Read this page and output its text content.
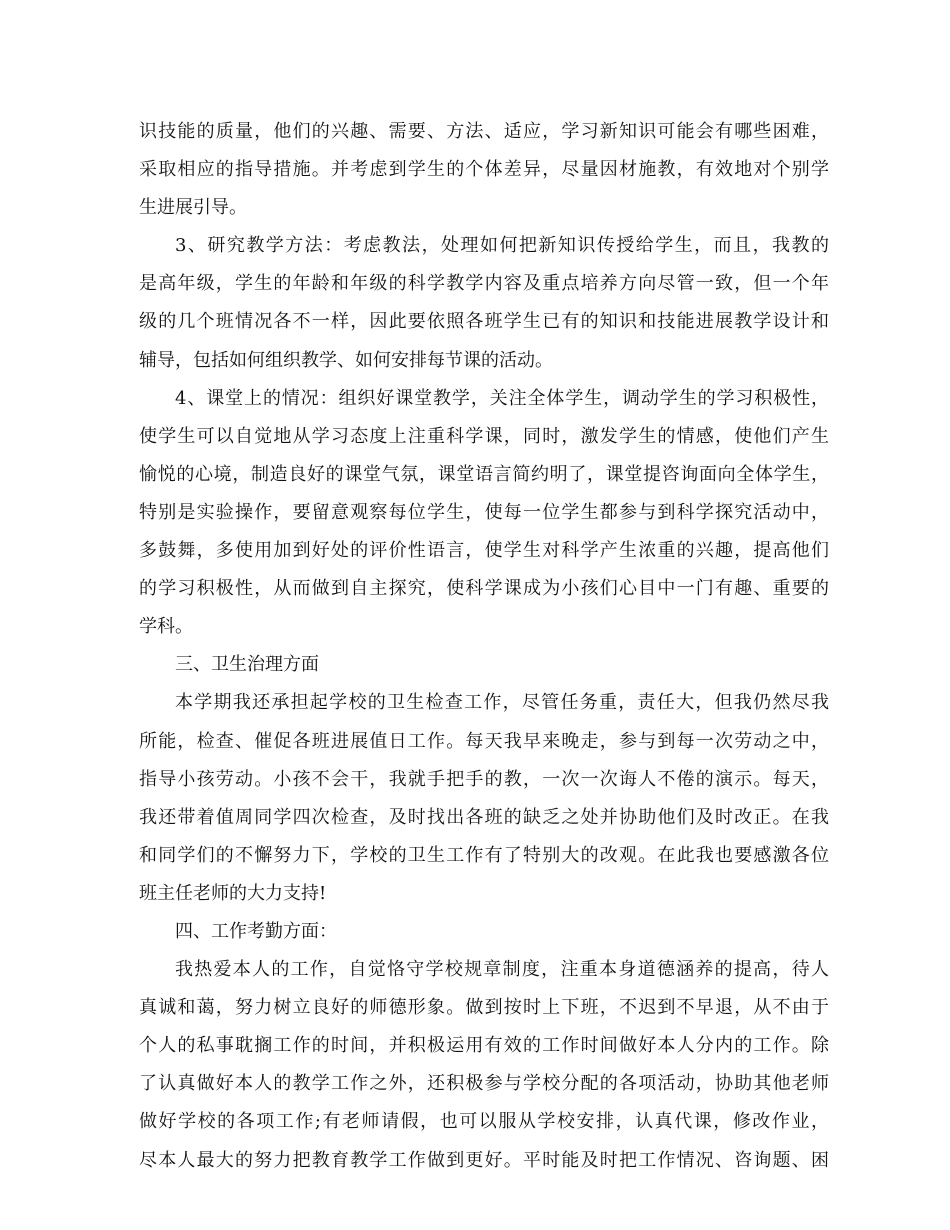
识技能的质量，他们的兴趣、需要、方法、适应，学习新知识可能会有哪些困难，
采取相应的指导措施。并考虑到学生的个体差异，尽量因材施教，有效地对个别学
生进展引导。
3、研究教学方法：考虑教法，处理如何把新知识传授给学生，而且，我教的
是高年级，学生的年龄和年级的科学教学内容及重点培养方向尽管一致，但一个年
级的几个班情况各不一样，因此要依照各班学生已有的知识和技能进展教学设计和
辅导，包括如何组织教学、如何安排每节课的活动。
4、课堂上的情况：组织好课堂教学，关注全体学生，调动学生的学习积极性，
使学生可以自觉地从学习态度上注重科学课，同时，激发学生的情感，使他们产生
愉悦的心境，制造良好的课堂气氛，课堂语言简约明了，课堂提咨询面向全体学生，
特别是实验操作，要留意观察每位学生，使每一位学生都参与到科学探究活动中，
多鼓舞，多使用加到好处的评价性语言，使学生对科学产生浓重的兴趣，提高他们
的学习积极性，从而做到自主探究，使科学课成为小孩们心目中一门有趣、重要的
学科。
三、卫生治理方面
本学期我还承担起学校的卫生检查工作，尽管任务重，责任大，但我仍然尽我
所能，检查、催促各班进展值日工作。每天我早来晚走，参与到每一次劳动之中，
指导小孩劳动。小孩不会干，我就手把手的教，一次一次诲人不倦的演示。每天，
我还带着值周同学四次检查，及时找出各班的缺乏之处并协助他们及时改正。在我
和同学们的不懈努力下，学校的卫生工作有了特别大的改观。在此我也要感激各位
班主任老师的大力支持!
四、工作考勤方面：
我热爱本人的工作，自觉恪守学校规章制度，注重本身道德涵养的提高，待人
真诚和蔼，努力树立良好的师德形象。做到按时上下班，不迟到不早退，从不由于
个人的私事耽搁工作的时间，并积极运用有效的工作时间做好本人分内的工作。除
了认真做好本人的教学工作之外，还积极参与学校分配的各项活动，协助其他老师
做好学校的各项工作;有老师请假，也可以服从学校安排，认真代课，修改作业，
尽本人最大的努力把教育教学工作做到更好。平时能及时把工作情况、咨询题、困
